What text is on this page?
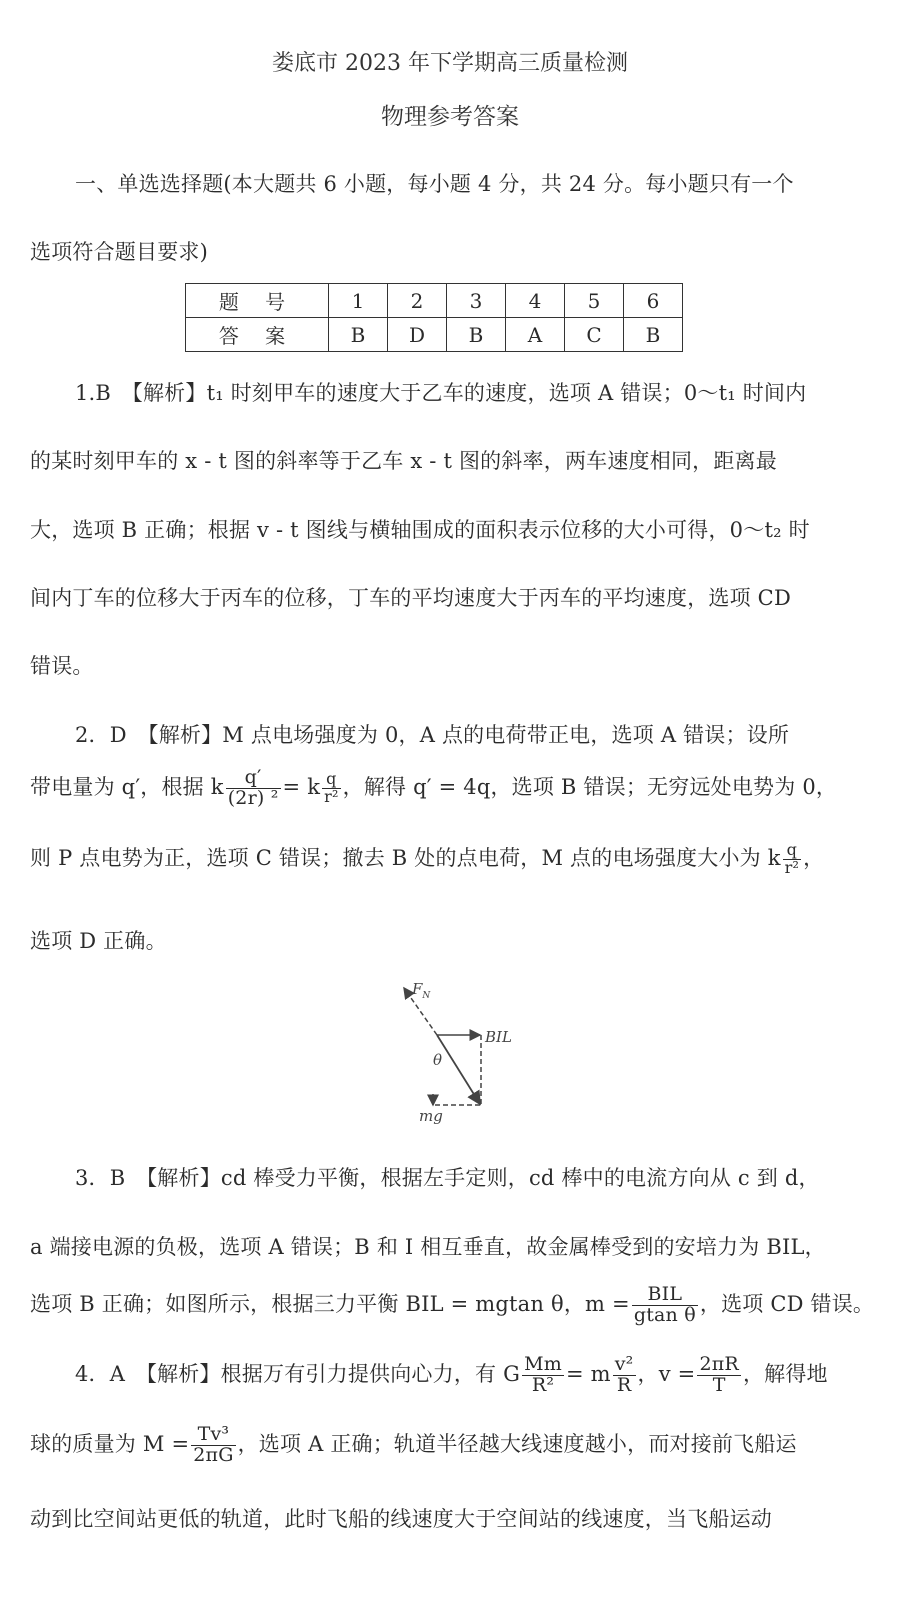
娄底市 2023 年下学期高三质量检测
物理参考答案
一、单选选择题(本大题共 6 小题，每小题 4 分，共 24 分。每小题只有一个
选项符合题目要求)
题 号	1	2	3	4	5	6
答 案	B	D	B	A	C	B
1.B　【解析】t₁ 时刻甲车的速度大于乙车的速度，选项 A 错误；0～t₁ 时间内
的某时刻甲车的 x - t 图的斜率等于乙车 x - t 图的斜率，两车速度相同，距离最
大，选项 B 正确；根据 v - t 图线与横轴围成的面积表示位移的大小可得，0～t₂ 时
间内丁车的位移大于丙车的位移，丁车的平均速度大于丙车的平均速度，选项 CD
错误。
2．D　【解析】M 点电场强度为 0，A 点的电荷带正电，选项 A 错误；设所
带电量为 q′，根据 k $\frac{q'}{\text{(2r) ²}} = k \frac{q}{\text{r²}}$ ，解得 q′ = 4q，选项 B 错误；无穷远处电势为 0，
则 P 点电势为正，选项 C 错误；撤去 B 处的点电荷，M 点的电场强度大小为 k $\frac{q}{\text{r²}}$ ，
选项 D 正确。
$F_N$
BIL
θ
mg
3．B　【解析】cd 棒受力平衡，根据左手定则，cd 棒中的电流方向从 c 到 d，
a 端接电源的负极，选项 A 错误；B 和 I 相互垂直，故金属棒受到的安培力为 BIL，
选项 B 正确；如图所示，根据三力平衡 BIL = mgtan θ，$m = \frac{\text{BIL}}{\text{gtan θ}}$ ，选项 CD 错误。
4．A　【解析】根据万有引力提供向心力，有 G $\frac{Mm}{\text{R²}} = m \frac{\text{v²}}{R}$ ，$v = \frac{2\pi R}{T}$ ，解得地
球的质量为 $M = \frac{\text{Tv³}}{2\pi G}$ ，选项 A 正确；轨道半径越大线速度越小，而对接前飞船运
动到比空间站更低的轨道，此时飞船的线速度大于空间站的线速度，当飞船运动
